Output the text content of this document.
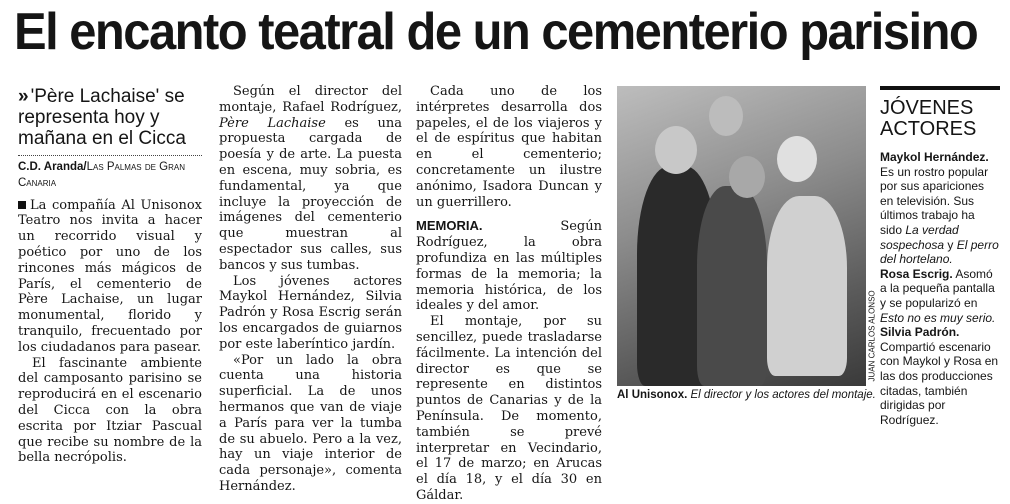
El encanto teatral de un cementerio parisino
» 'Père Lachaise' se representa hoy y mañana en el Cicca
C.D. Aranda/Las Palmas de Gran Canaria

La compañía Al Unisonox Teatro nos invita a hacer un recorrido visual y poético por uno de los rincones más mágicos de París, el cementerio de Père Lachaise, un lugar monumental, florido y tranquilo, frecuentado por los ciudadanos para pasear.

El fascinante ambiente del camposanto parisino se reproducirá en el escenario del Cicca con la obra escrita por Itziar Pascual que recibe su nombre de la bella necrópolis.

Según el director del montaje, Rafael Rodríguez, Père Lachaise es una propuesta cargada de poesía y de arte. La puesta en escena, muy sobria, es fundamental, ya que incluye la proyección de imágenes del cementerio que muestran al espectador sus calles, sus bancos y sus tumbas.

Los jóvenes actores Maykol Hernández, Silvia Padrón y Rosa Escrig serán los encargados de guiarnos por este laberíntico jardín.

«Por un lado la obra cuenta una historia superficial. La de unos hermanos que van de viaje a París para ver la tumba de su abuelo. Pero a la vez, hay un viaje interior de cada personaje», comenta Hernández.

Cada uno de los intérpretes desarrolla dos papeles, el de los viajeros y el de espíritus que habitan en el cementerio; concretamente un ilustre anónimo, Isadora Duncan y un guerrillero.

MEMORIA. Según Rodríguez, la obra profundiza en las múltiples formas de la memoria; la memoria histórica, de los ideales y del amor.

El montaje, por su sencillez, puede trasladarse fácilmente. La intención del director es que se represente en distintos puntos de Canarias y de la Península. De momento, también se prevé interpretar en Vecindario, el 17 de marzo; en Arucas el día 18, y el día 30 en Gáldar.

JUAN CARLOS ALONSO
Al Unisonox. El director y los actores del montaje.
JÓVENES ACTORES

Maykol Hernández.
Es un rostro popular por sus apariciones en televisión. Sus últimos trabajo ha sido La verdad sospechosa y El perro del hortelano.

Rosa Escrig. Asomó a la pequeña pantalla y se popularizó en Esto no es muy serio.

Silvia Padrón. Compartió escenario con Maykol y Rosa en las dos producciones citadas, también dirigidas por Rodríguez.
